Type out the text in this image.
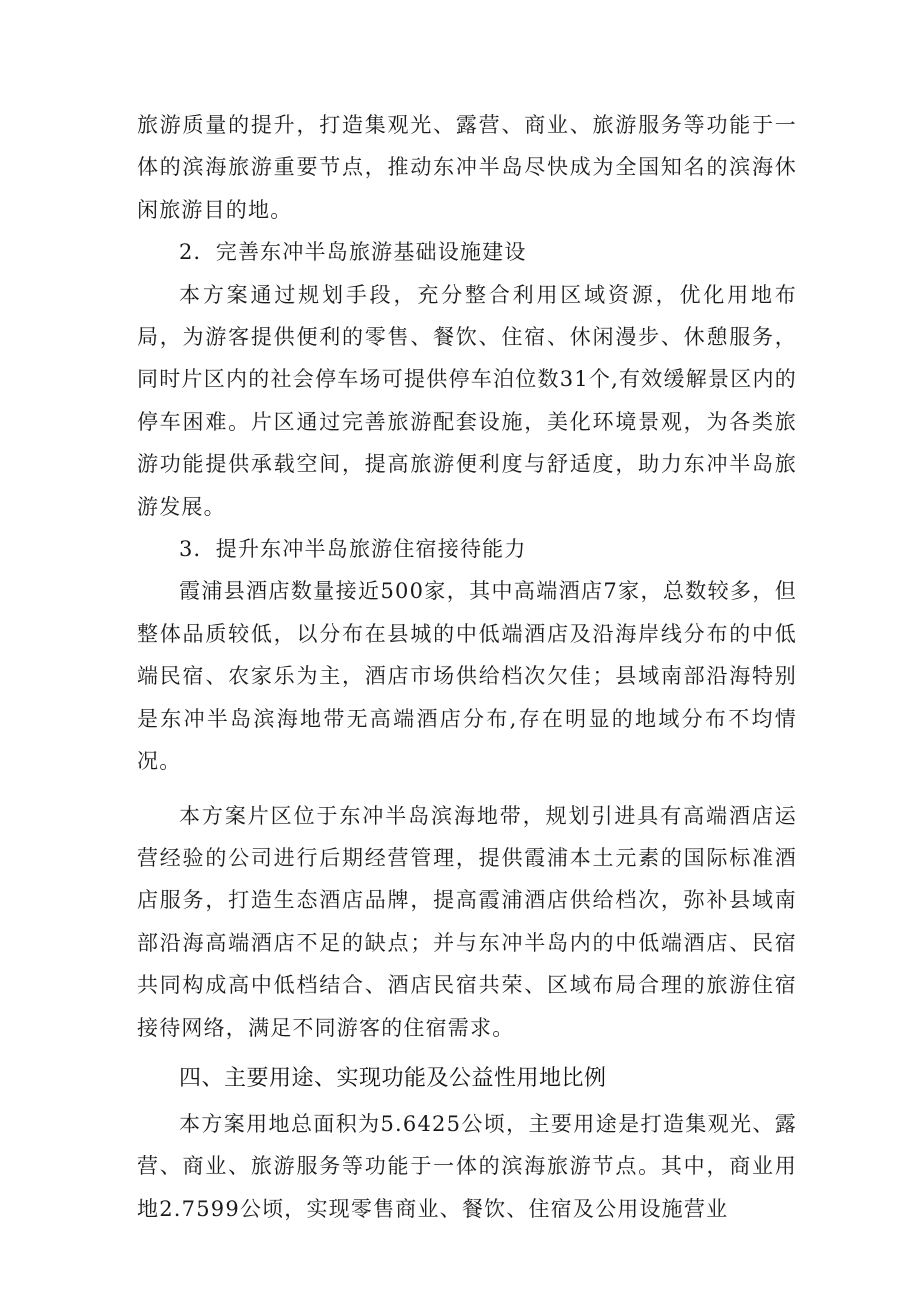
旅游质量的提升，打造集观光、露营、商业、旅游服务等功能于一体的滨海旅游重要节点，推动东冲半岛尽快成为全国知名的滨海休闲旅游目的地。

2．完善东冲半岛旅游基础设施建设

本方案通过规划手段，充分整合利用区域资源，优化用地布局，为游客提供便利的零售、餐饮、住宿、休闲漫步、休憩服务，同时片区内的社会停车场可提供停车泊位数31个,有效缓解景区内的停车困难。片区通过完善旅游配套设施，美化环境景观，为各类旅游功能提供承载空间，提高旅游便利度与舒适度，助力东冲半岛旅游发展。

3．提升东冲半岛旅游住宿接待能力

霞浦县酒店数量接近500家，其中高端酒店7家，总数较多，但整体品质较低，以分布在县城的中低端酒店及沿海岸线分布的中低端民宿、农家乐为主，酒店市场供给档次欠佳；县域南部沿海特别是东冲半岛滨海地带无高端酒店分布,存在明显的地域分布不均情况。

本方案片区位于东冲半岛滨海地带，规划引进具有高端酒店运营经验的公司进行后期经营管理，提供霞浦本土元素的国际标准酒店服务，打造生态酒店品牌，提高霞浦酒店供给档次，弥补县域南部沿海高端酒店不足的缺点；并与东冲半岛内的中低端酒店、民宿共同构成高中低档结合、酒店民宿共荣、区域布局合理的旅游住宿接待网络，满足不同游客的住宿需求。

四、主要用途、实现功能及公益性用地比例

本方案用地总面积为5.6425公顷，主要用途是打造集观光、露营、商业、旅游服务等功能于一体的滨海旅游节点。其中，商业用地2.7599公顷，实现零售商业、餐饮、住宿及公用设施营业
